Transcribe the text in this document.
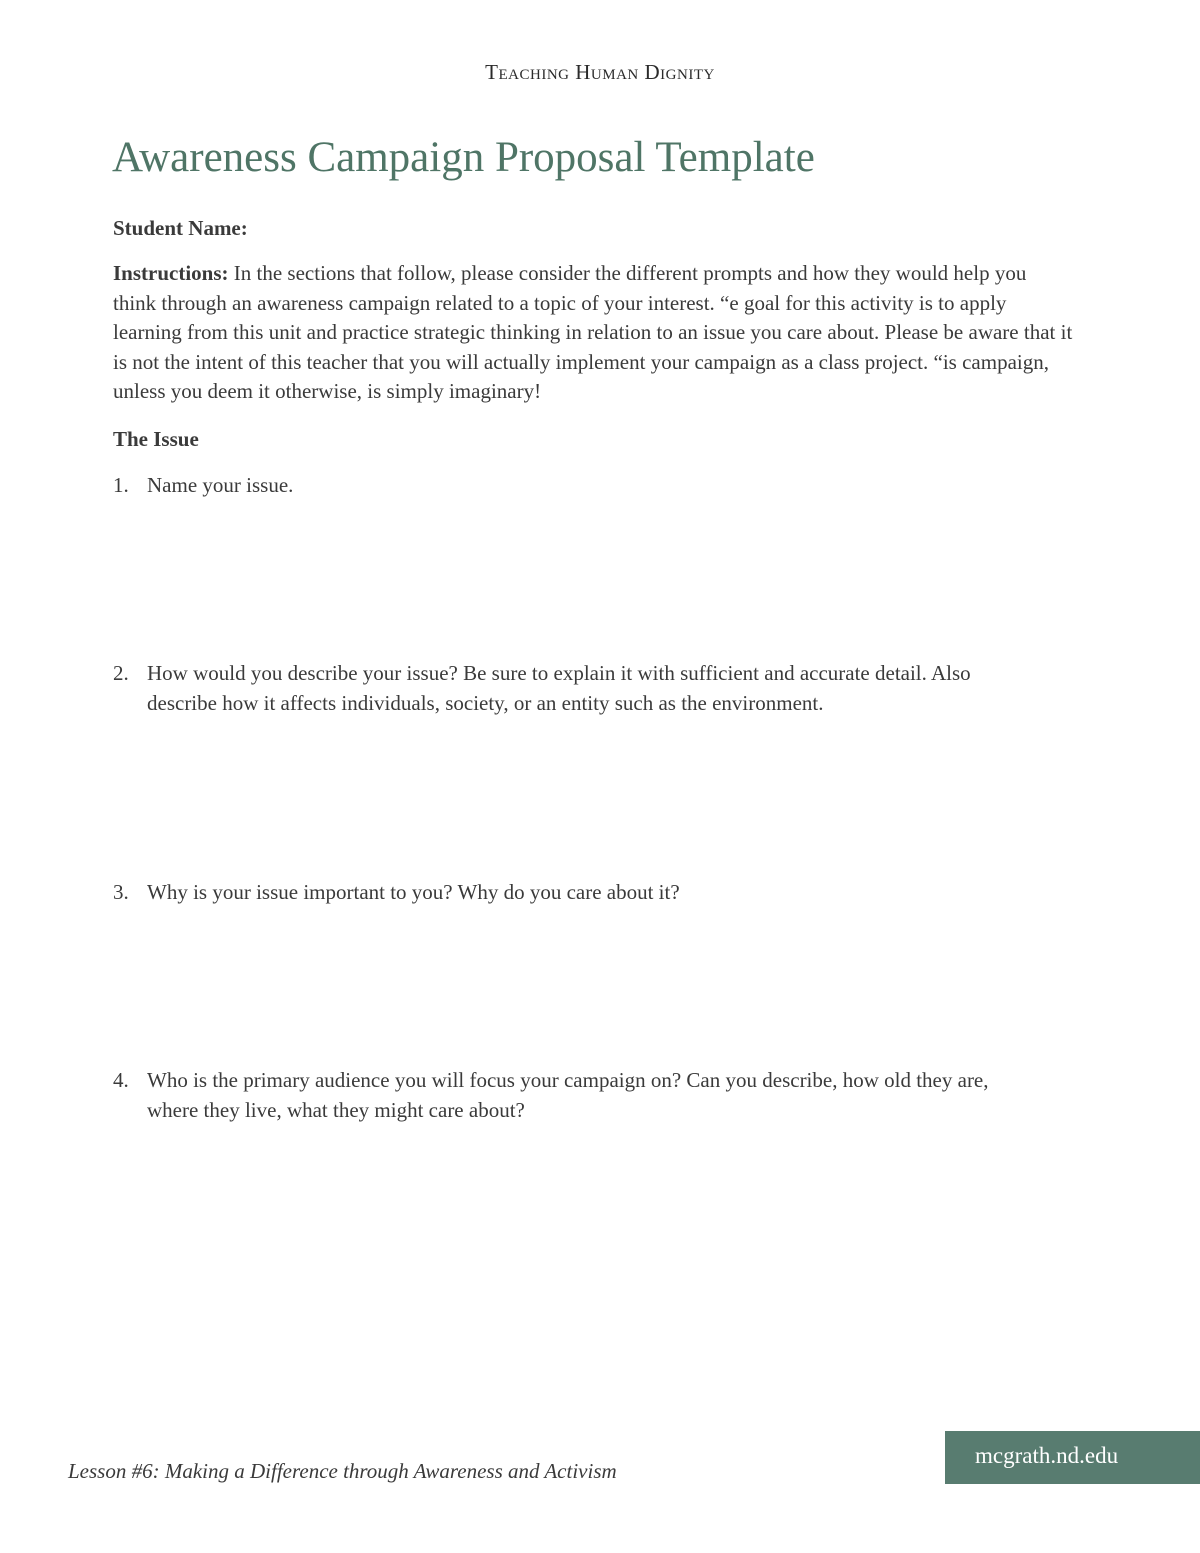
Teaching Human Dignity
Awareness Campaign Proposal Template
Student Name:
Instructions: In the sections that follow, please consider the different prompts and how they would help you think through an awareness campaign related to a topic of your interest. “e goal for this activity is to apply learning from this unit and practice strategic thinking in relation to an issue you care about. Please be aware that it is not the intent of this teacher that you will actually implement your campaign as a class project. “is campaign, unless you deem it otherwise, is simply imaginary!
The Issue
1. Name your issue.
2. How would you describe your issue? Be sure to explain it with sufficient and accurate detail. Also describe how it affects individuals, society, or an entity such as the environment.
3. Why is your issue important to you? Why do you care about it?
4. Who is the primary audience you will focus your campaign on? Can you describe, how old they are, where they live, what they might care about?
Lesson #6: Making a Difference through Awareness and Activism
mcgrath.nd.edu
